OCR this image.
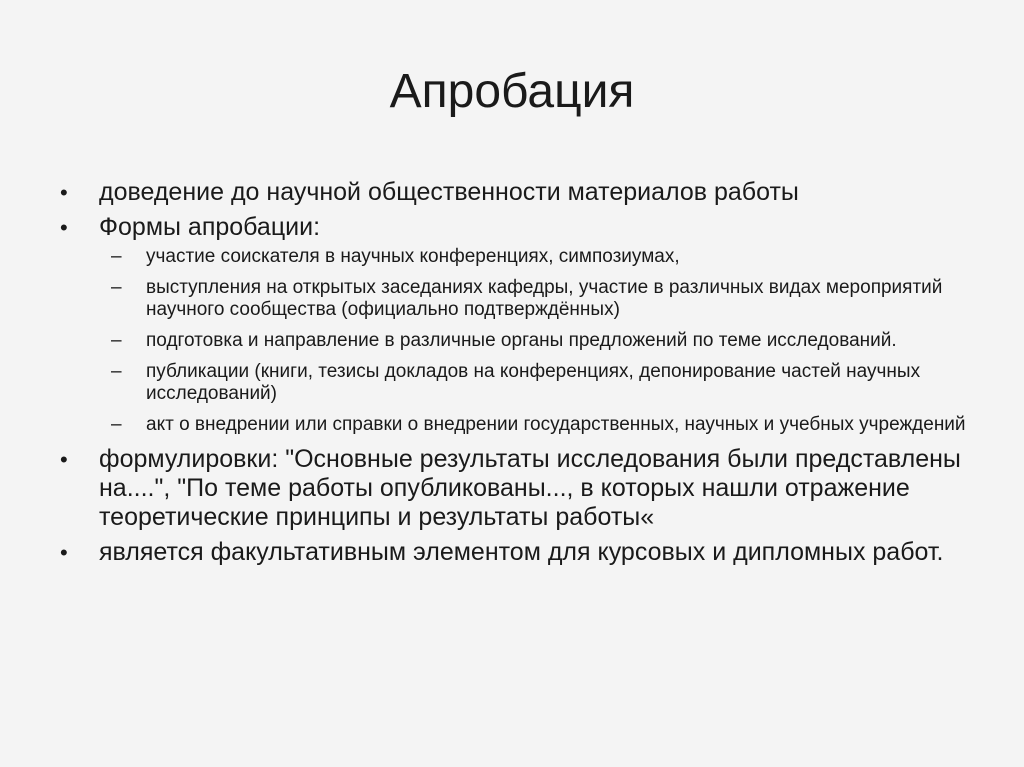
Апробация
•	доведение до научной общественности материалов работы
•	Формы апробации:
– участие соискателя в научных конференциях, симпозиумах,
– выступления на открытых заседаниях кафедры, участие в различных видах мероприятий научного сообщества (официально подтверждённых)
– подготовка и направление в различные органы предложений по теме исследований.
– публикации (книги, тезисы докладов на конференциях, депонирование частей научных исследований)
– акт о внедрении или справки о внедрении государственных, научных и учебных учреждений
•	формулировки: "Основные результаты исследования были представлены на....", "По теме работы опубликованы..., в которых нашли отражение теоретические принципы и результаты работы«
•	является факультативным элементом для курсовых и дипломных работ.
